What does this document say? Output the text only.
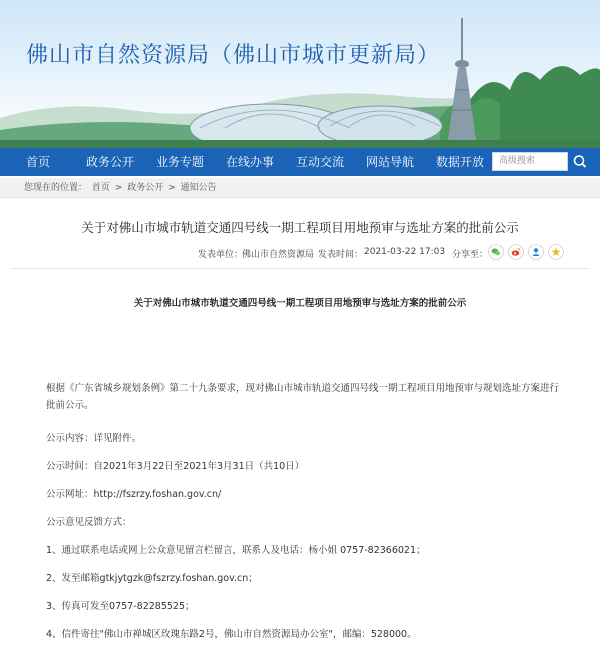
佛山市自然资源局（佛山市城市更新局）
首页	政务公开 业务专题 在线办事 互动交流 网站导航 数据开放	高级搜索
您现在的位置： 首页 > 政务公开 > 通知公告
关于对佛山市城市轨道交通四号线一期工程项目用地预审与选址方案的批前公示
发表单位：
佛山市自然资源局 发表时间： 2021-03-22 17:03 分享至：
关于对佛山市城市轨道交通四号线一期工程项目用地预审与选址方案的批前公示
根据《广东省城乡规划条例》第二十九条要求，现对佛山市城市轨道交通四号线一期工程项目用地预审与规划选址方案进行批前公示。
公示内容：详见附件。
公示时间：自2021年3月22日至2021年3月31日（共10日）
公示网址：http://fszrzy.foshan.gov.cn/
公示意见反馈方式：
1、通过联系电话或网上公众意见留言栏留言，联系人及电话：杨小姐 0757-82366021；
2、发至邮箱gtkjytgzk@fszrzy.foshan.gov.cn；
3、传真可发至0757-82285525；
4、信件寄往"佛山市禅城区玫瑰东路2号，佛山市自然资源局办公室"，邮编：528000。
